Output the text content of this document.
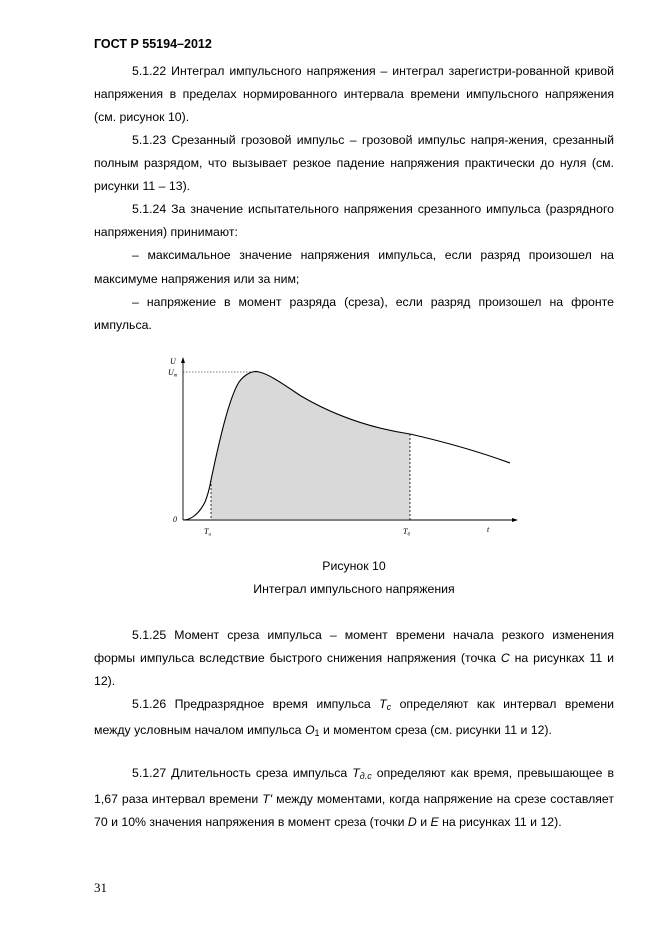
ГОСТ Р 55194–2012

5.1.22 Интеграл импульсного напряжения – интеграл зарегистри-рованной кривой напряжения в пределах нормированного интервала времени импульсного напряжения (см. рисунок 10).

5.1.23 Срезанный грозовой импульс – грозовой импульс напря-жения, срезанный полным разрядом, что вызывает резкое падение напряжения практически до нуля (см. рисунки 11 – 13).

5.1.24 За значение испытательного напряжения срезанного импульса (разрядного напряжения) принимают:

– максимальное значение напряжения импульса, если разряд произошел на максимуме напряжения или за ним;

– напряжение в момент разряда (среза), если разряд произошел на фронте импульса.

U
Um
0
Ta	Tб
t
Рисунок 10
Интеграл импульсного напряжения

5.1.25 Момент среза импульса – момент времени начала резкого изменения формы импульса вследствие быстрого снижения напряжения (точка C на рисунках 11 и 12).

5.1.26 Предразрядное время импульса $T_c$ определяют как интервал времени между условным началом импульса $O_1$ и моментом среза (см. рисунки 11 и 12).

5.1.27 Длительность среза импульса $T_{д.с}$ определяют как время, превышающее в 1,67 раза интервал времени T' между моментами, когда напряжение на срезе составляет 70 и 10% значения напряжения в момент среза (точки D и E на рисунках 11 и 12).

31
